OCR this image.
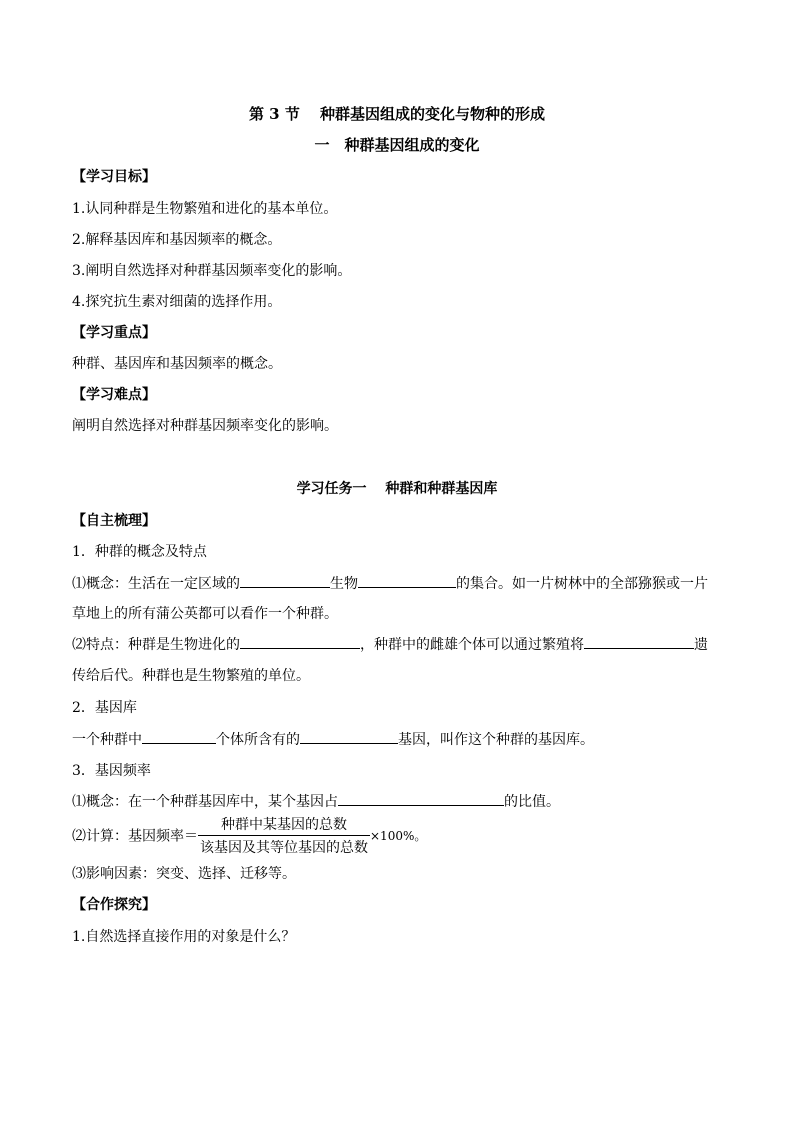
第 3 节　 种群基因组成的变化与物种的形成
一　种群基因组成的变化
【学习目标】
1.认同种群是生物繁殖和进化的基本单位。
2.解释基因库和基因频率的概念。
3.阐明自然选择对种群基因频率变化的影响。
4.探究抗生素对细菌的选择作用。
【学习重点】
种群、基因库和基因频率的概念。
【学习难点】
阐明自然选择对种群基因频率变化的影响。
学习任务一　 种群和种群基因库
【自主梳理】
1．种群的概念及特点
⑴概念：生活在一定区域的	生物	的集合。如一片树林中的全部猕猴或一片
草地上的所有蒲公英都可以看作一个种群。
⑵特点：种群是生物进化的	，种群中的雌雄个体可以通过繁殖将	遗
传给后代。种群也是生物繁殖的单位。
2．基因库
一个种群中	个体所含有的	基因，叫作这个种群的基因库。
3．基因频率
⑴概念：在一个种群基因库中，某个基因占	的比值。
⑵计算：基因频率＝ $\frac{\text{种群中某基因的总数}}{\text{该基因及其等位基因的总数}} \times 100\%$。
⑶影响因素：突变、选择、迁移等。
【合作探究】
1.自然选择直接作用的对象是什么？
